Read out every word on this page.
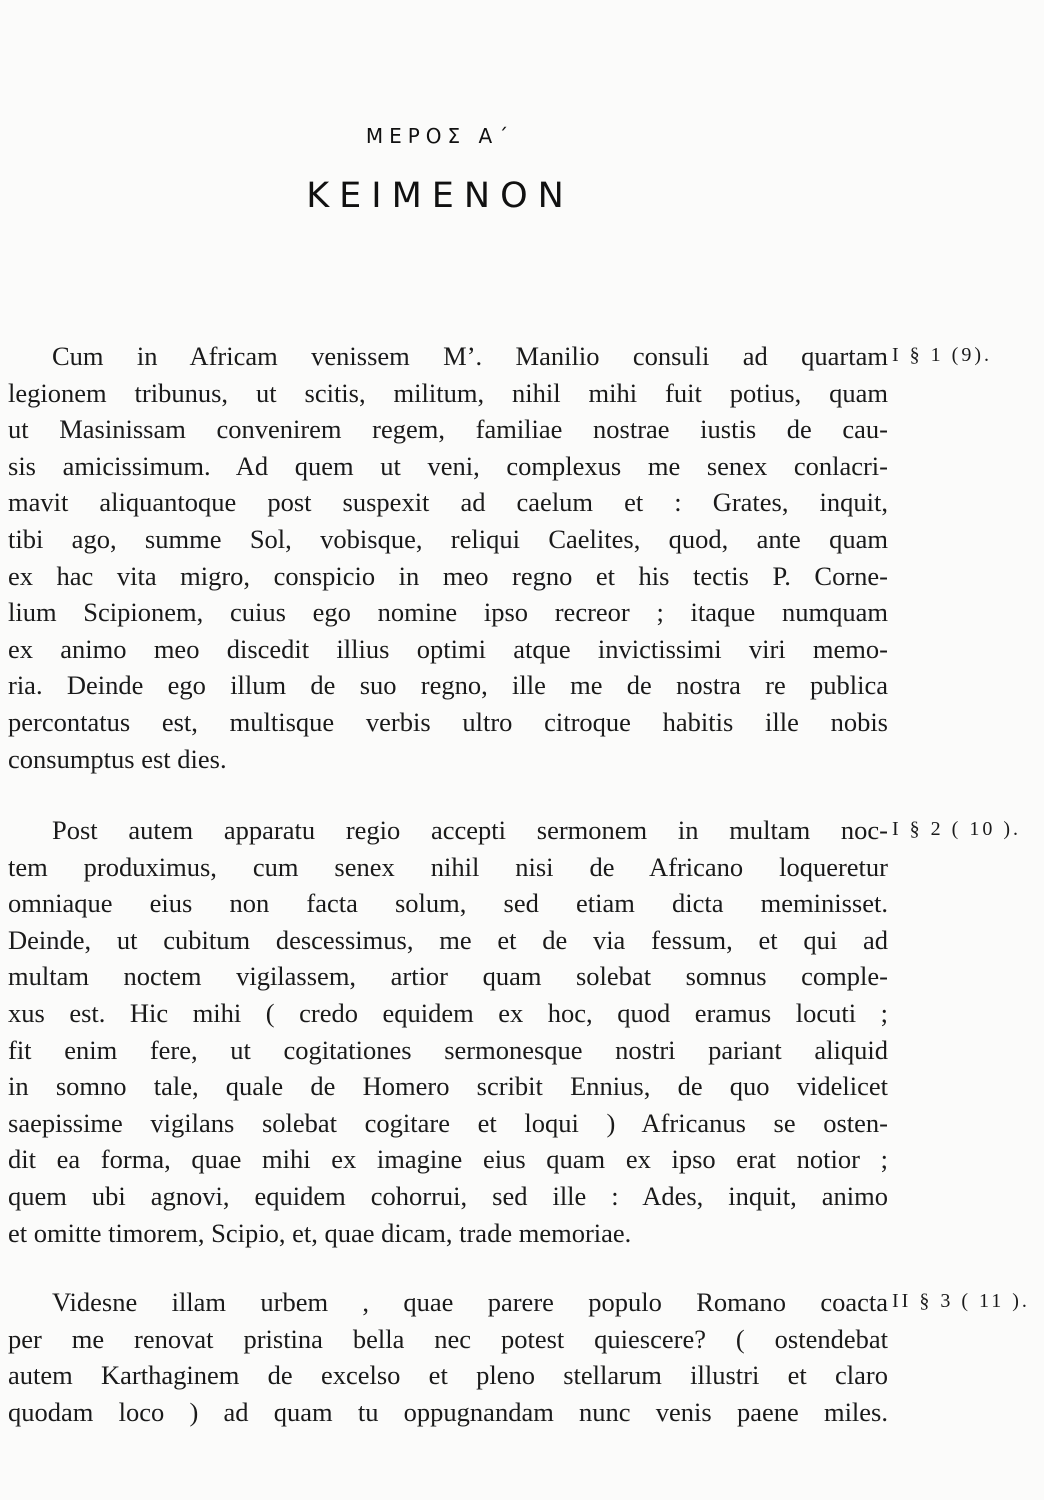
ΜΕΡΟΣ Α΄
ΚΕΙΜΕΝΟΝ
I § 1 (9).
Cum in Africam venissem M’. Manilio consuli ad quartam
legionem tribunus, ut scitis, militum, nihil mihi fuit potius, quam
ut Masinissam convenirem regem, familiae nostrae iustis de cau-
sis amicissimum. Ad quem ut veni, complexus me senex conlacri-
mavit aliquantoque post suspexit ad caelum et : Grates, inquit,
tibi ago, summe Sol, vobisque, reliqui Caelites, quod, ante quam
ex hac vita migro, conspicio in meo regno et his tectis P. Corne-
lium Scipionem, cuius ego nomine ipso recreor ; itaque numquam
ex animo meo discedit illius optimi atque invictissimi viri memo-
ria. Deinde ego illum de suo regno, ille me de nostra re publica
percontatus est, multisque verbis ultro citroque habitis ille nobis
consumptus est dies.
I § 2 ( 10 ).
Post autem apparatu regio accepti sermonem in multam noc-
tem produximus, cum senex nihil nisi de Africano loqueretur
omniaque eius non facta solum, sed etiam dicta meminisset.
Deinde, ut cubitum descessimus, me et de via fessum, et qui ad
multam noctem vigilassem, artior quam solebat somnus comple-
xus est. Hic mihi ( credo equidem ex hoc, quod eramus locuti ;
fit enim fere, ut cogitationes sermonesque nostri pariant aliquid
in somno tale, quale de Homero scribit Ennius, de quo videlicet
saepissime vigilans solebat cogitare et loqui ) Africanus se osten-
dit ea forma, quae mihi ex imagine eius quam ex ipso erat notior ;
quem ubi agnovi, equidem cohorrui, sed ille : Ades, inquit, animo
et omitte timorem, Scipio, et, quae dicam, trade memoriae.
II § 3 ( 11 ).
Videsne illam urbem , quae parere populo Romano coacta
per me renovat pristina bella nec potest quiescere? ( ostendebat
autem Karthaginem de excelso et pleno stellarum illustri et claro
quodam loco ) ad quam tu oppugnandam nunc venis paene miles.
